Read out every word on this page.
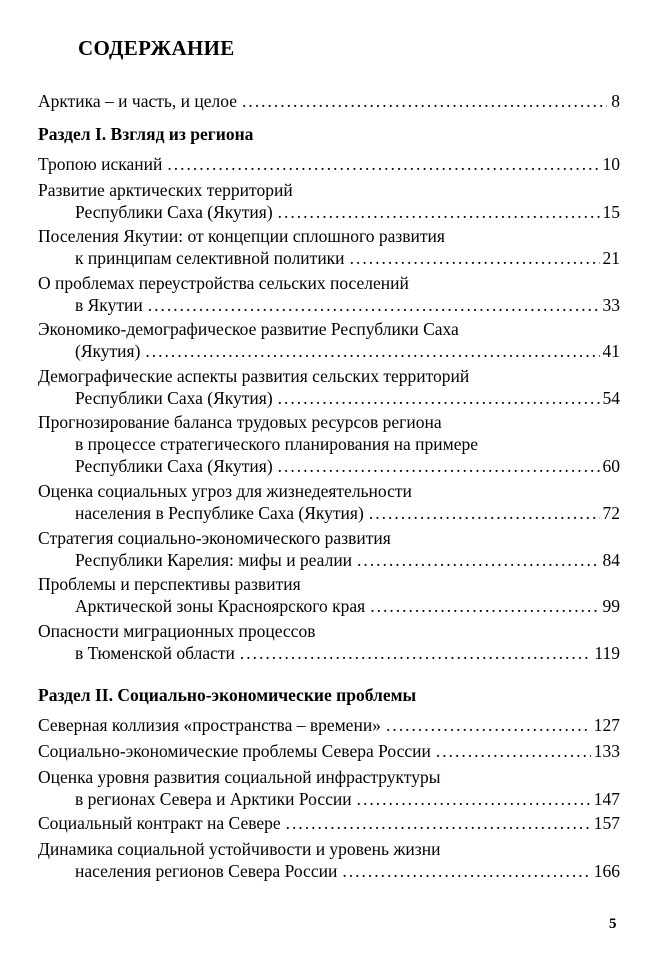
СОДЕРЖАНИЕ
Арктика – и часть, и целое .....	8
Раздел I. Взгляд из региона
Тропою исканий .....	10
Развитие арктических территорий
Республики Саха (Якутия) .....	15
Поселения Якутии: от концепции сплошного развития
к принципам селективной политики .....	21
О проблемах переустройства сельских поселений
в Якутии .....	33
Экономико-демографическое развитие Республики Саха
(Якутия) .....	41
Демографические аспекты развития сельских территорий
Республики Саха (Якутия) .....	54
Прогнозирование баланса трудовых ресурсов региона
в процессе стратегического планирования на примере
Республики Саха (Якутия) .....	60
Оценка социальных угроз для жизнедеятельности
населения в Республике Саха (Якутия) .....	72
Стратегия социально-экономического развития
Республики Карелия: мифы и реалии .....	84
Проблемы и перспективы развития
Арктической зоны Красноярского края .....	99
Опасности миграционных процессов
в Тюменской области .....	119
Раздел II. Социально-экономические проблемы
Северная коллизия «пространства – времени» .....	127
Социально-экономические проблемы Севера России .....	133
Оценка уровня развития социальной инфраструктуры
в регионах Севера и Арктики России .....	147
Социальный контракт на Севере .....	157
Динамика социальной устойчивости и уровень жизни
населения регионов Севера России .....	166
5
